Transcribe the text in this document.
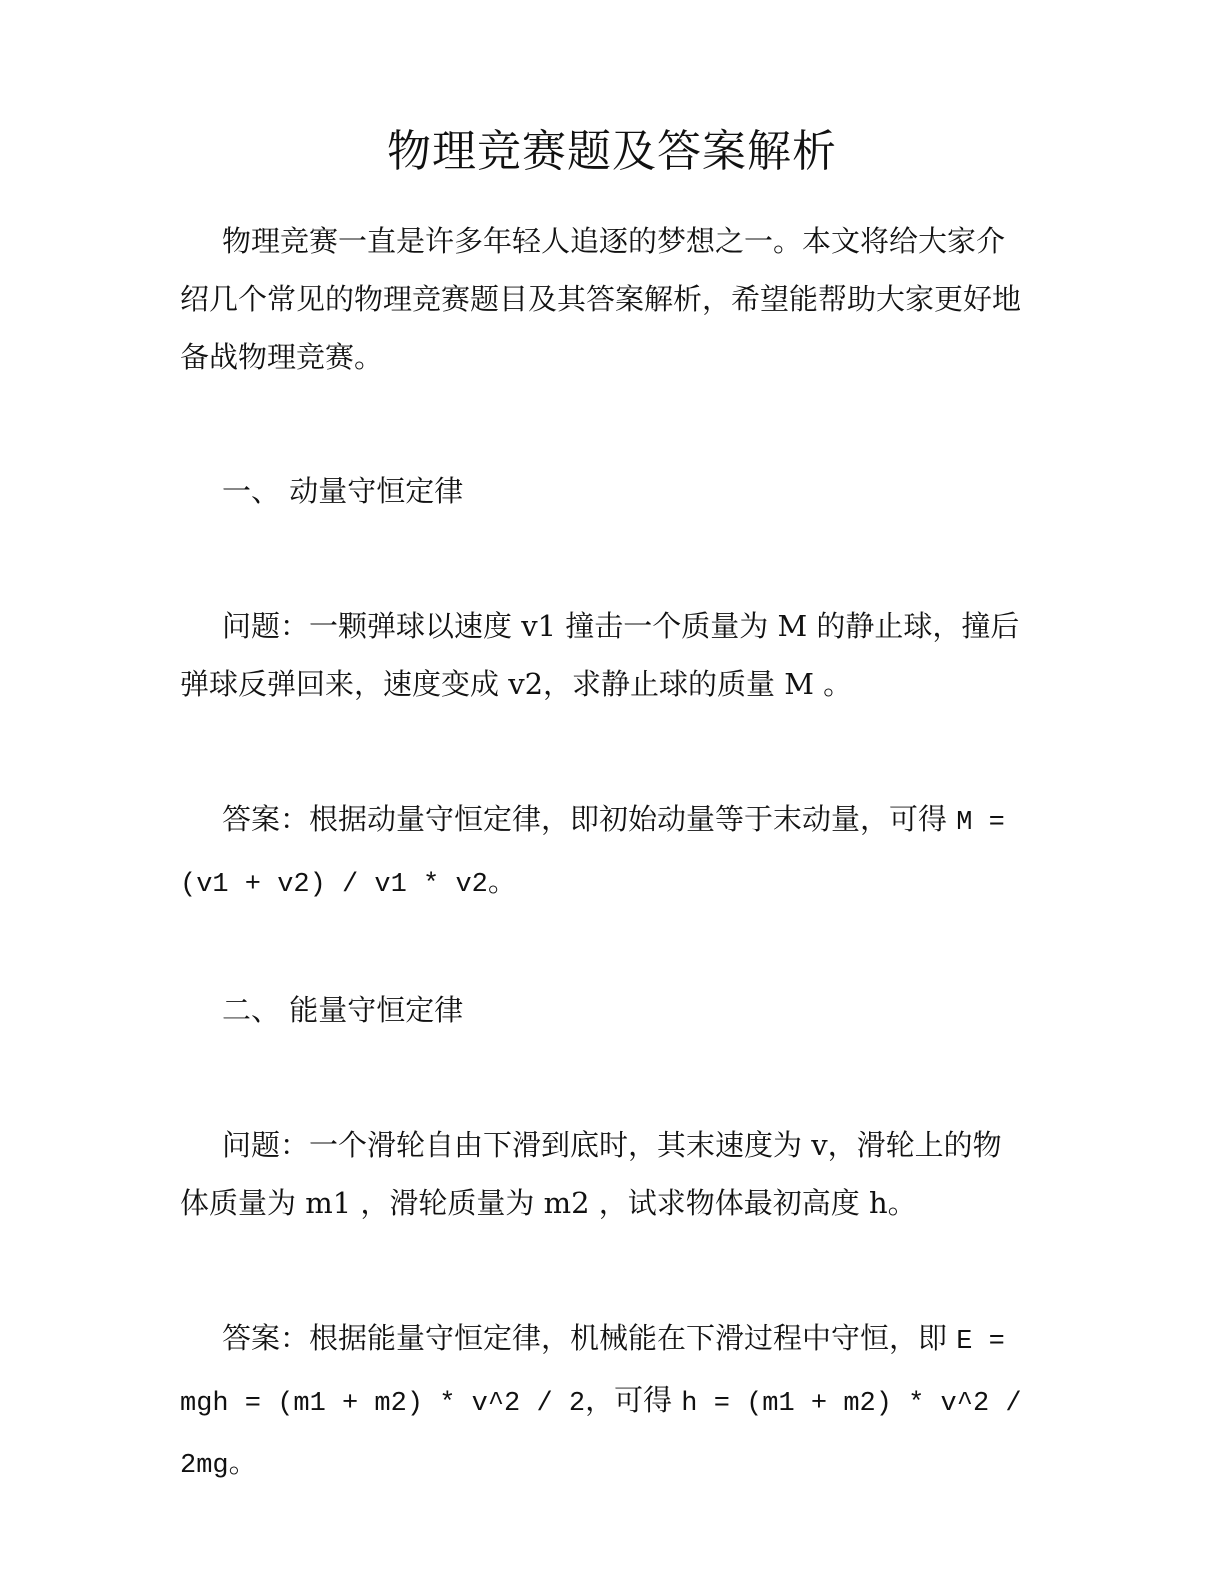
物理竞赛题及答案解析

物理竞赛一直是许多年轻人追逐的梦想之一。本文将给大家介绍几个常见的物理竞赛题目及其答案解析，希望能帮助大家更好地备战物理竞赛。

一、 动量守恒定律

问题：一颗弹球以速度 v1 撞击一个质量为 M 的静止球，撞后弹球反弹回来，速度变成 v2，求静止球的质量 M 。

答案：根据动量守恒定律，即初始动量等于末动量，可得 M = (v1 + v2) / v1 * v2。

二、 能量守恒定律

问题：一个滑轮自由下滑到底时，其末速度为 v，滑轮上的物体质量为 m1 ，滑轮质量为 m2 ，试求物体最初高度 h。

答案：根据能量守恒定律，机械能在下滑过程中守恒，即 E = mgh = (m1 + m2) * v^2 / 2，可得 h = (m1 + m2) * v^2 / 2mg。
